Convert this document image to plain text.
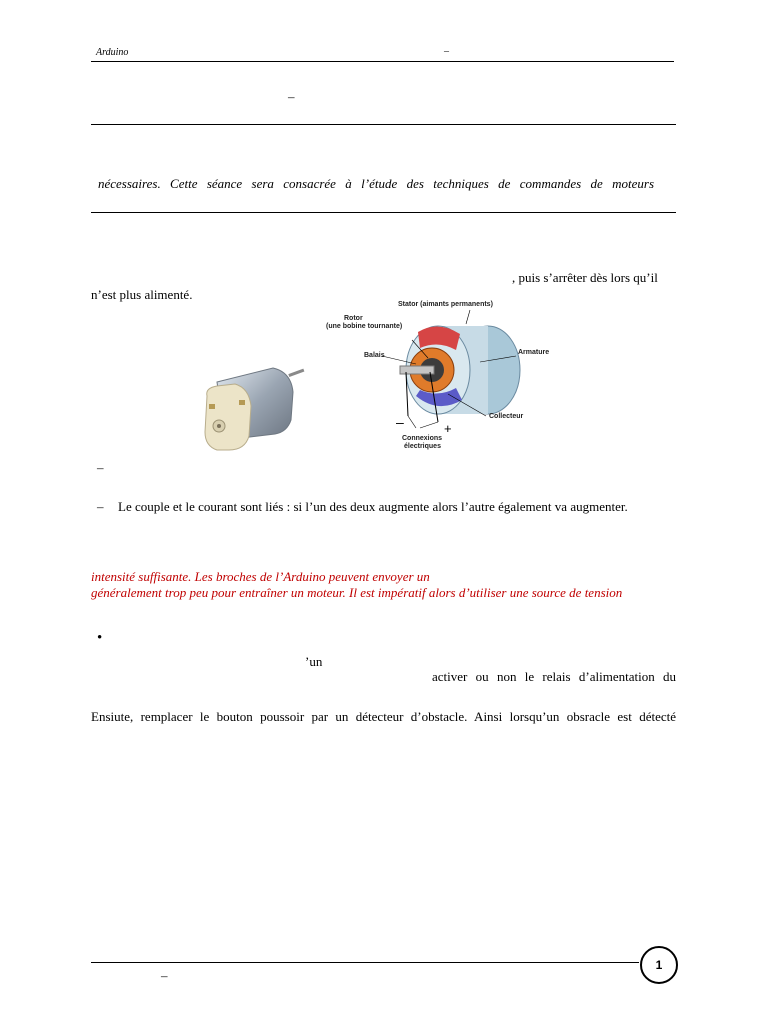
Arduino	–
–
nécessaires. Cette séance sera consacrée à l’étude des techniques de commandes de moteurs
, puis s’arrêter dès lors qu’il
n’est plus alimenté.
Stator (aimants permanents)
Rotor
(une bobine tournante)
Balais	Armature
Collecteur
–	+
Connexions
électriques
–
– Le couple et le courant sont liés : si l’un des deux augmente alors l’autre également va augmenter.
intensité suffisante. Les broches de l’Arduino peuvent envoyer un
généralement trop peu pour entraîner un moteur. Il est impératif alors d’utiliser une source de tension
•
’un
activer ou non le relais d’alimentation du
Ensiute, remplacer le bouton poussoir par un détecteur d’obstacle. Ainsi lorsqu’un obsracle est détecté
–
1
